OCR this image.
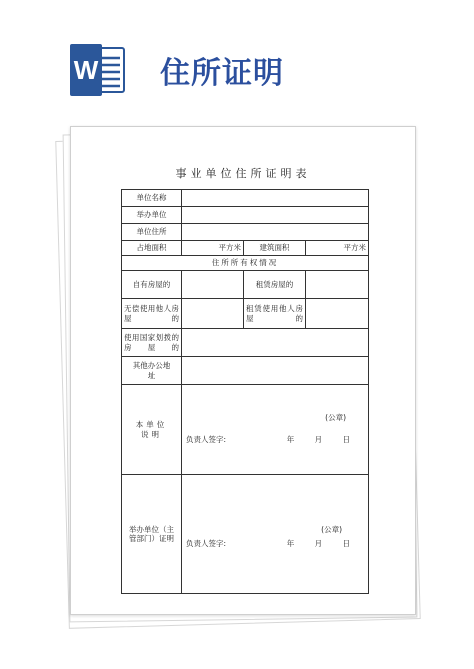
W 住所证明
事业单位住所证明表
单位名称			
举办单位			
单位住所			
占地面积	平方米	建筑面积	平方米
住所所有权情况			
自有房屋的		租赁房屋的	
无偿使用他人房屋的		租赁使用他人房屋的	
使用国家划拨的房屋的			
其他办公地址			
本单位说明	(公章)
负责人签字: 年 月 日		

举办单位（主管部门）证明	(公章)
负责人签字: 年 月 日		
